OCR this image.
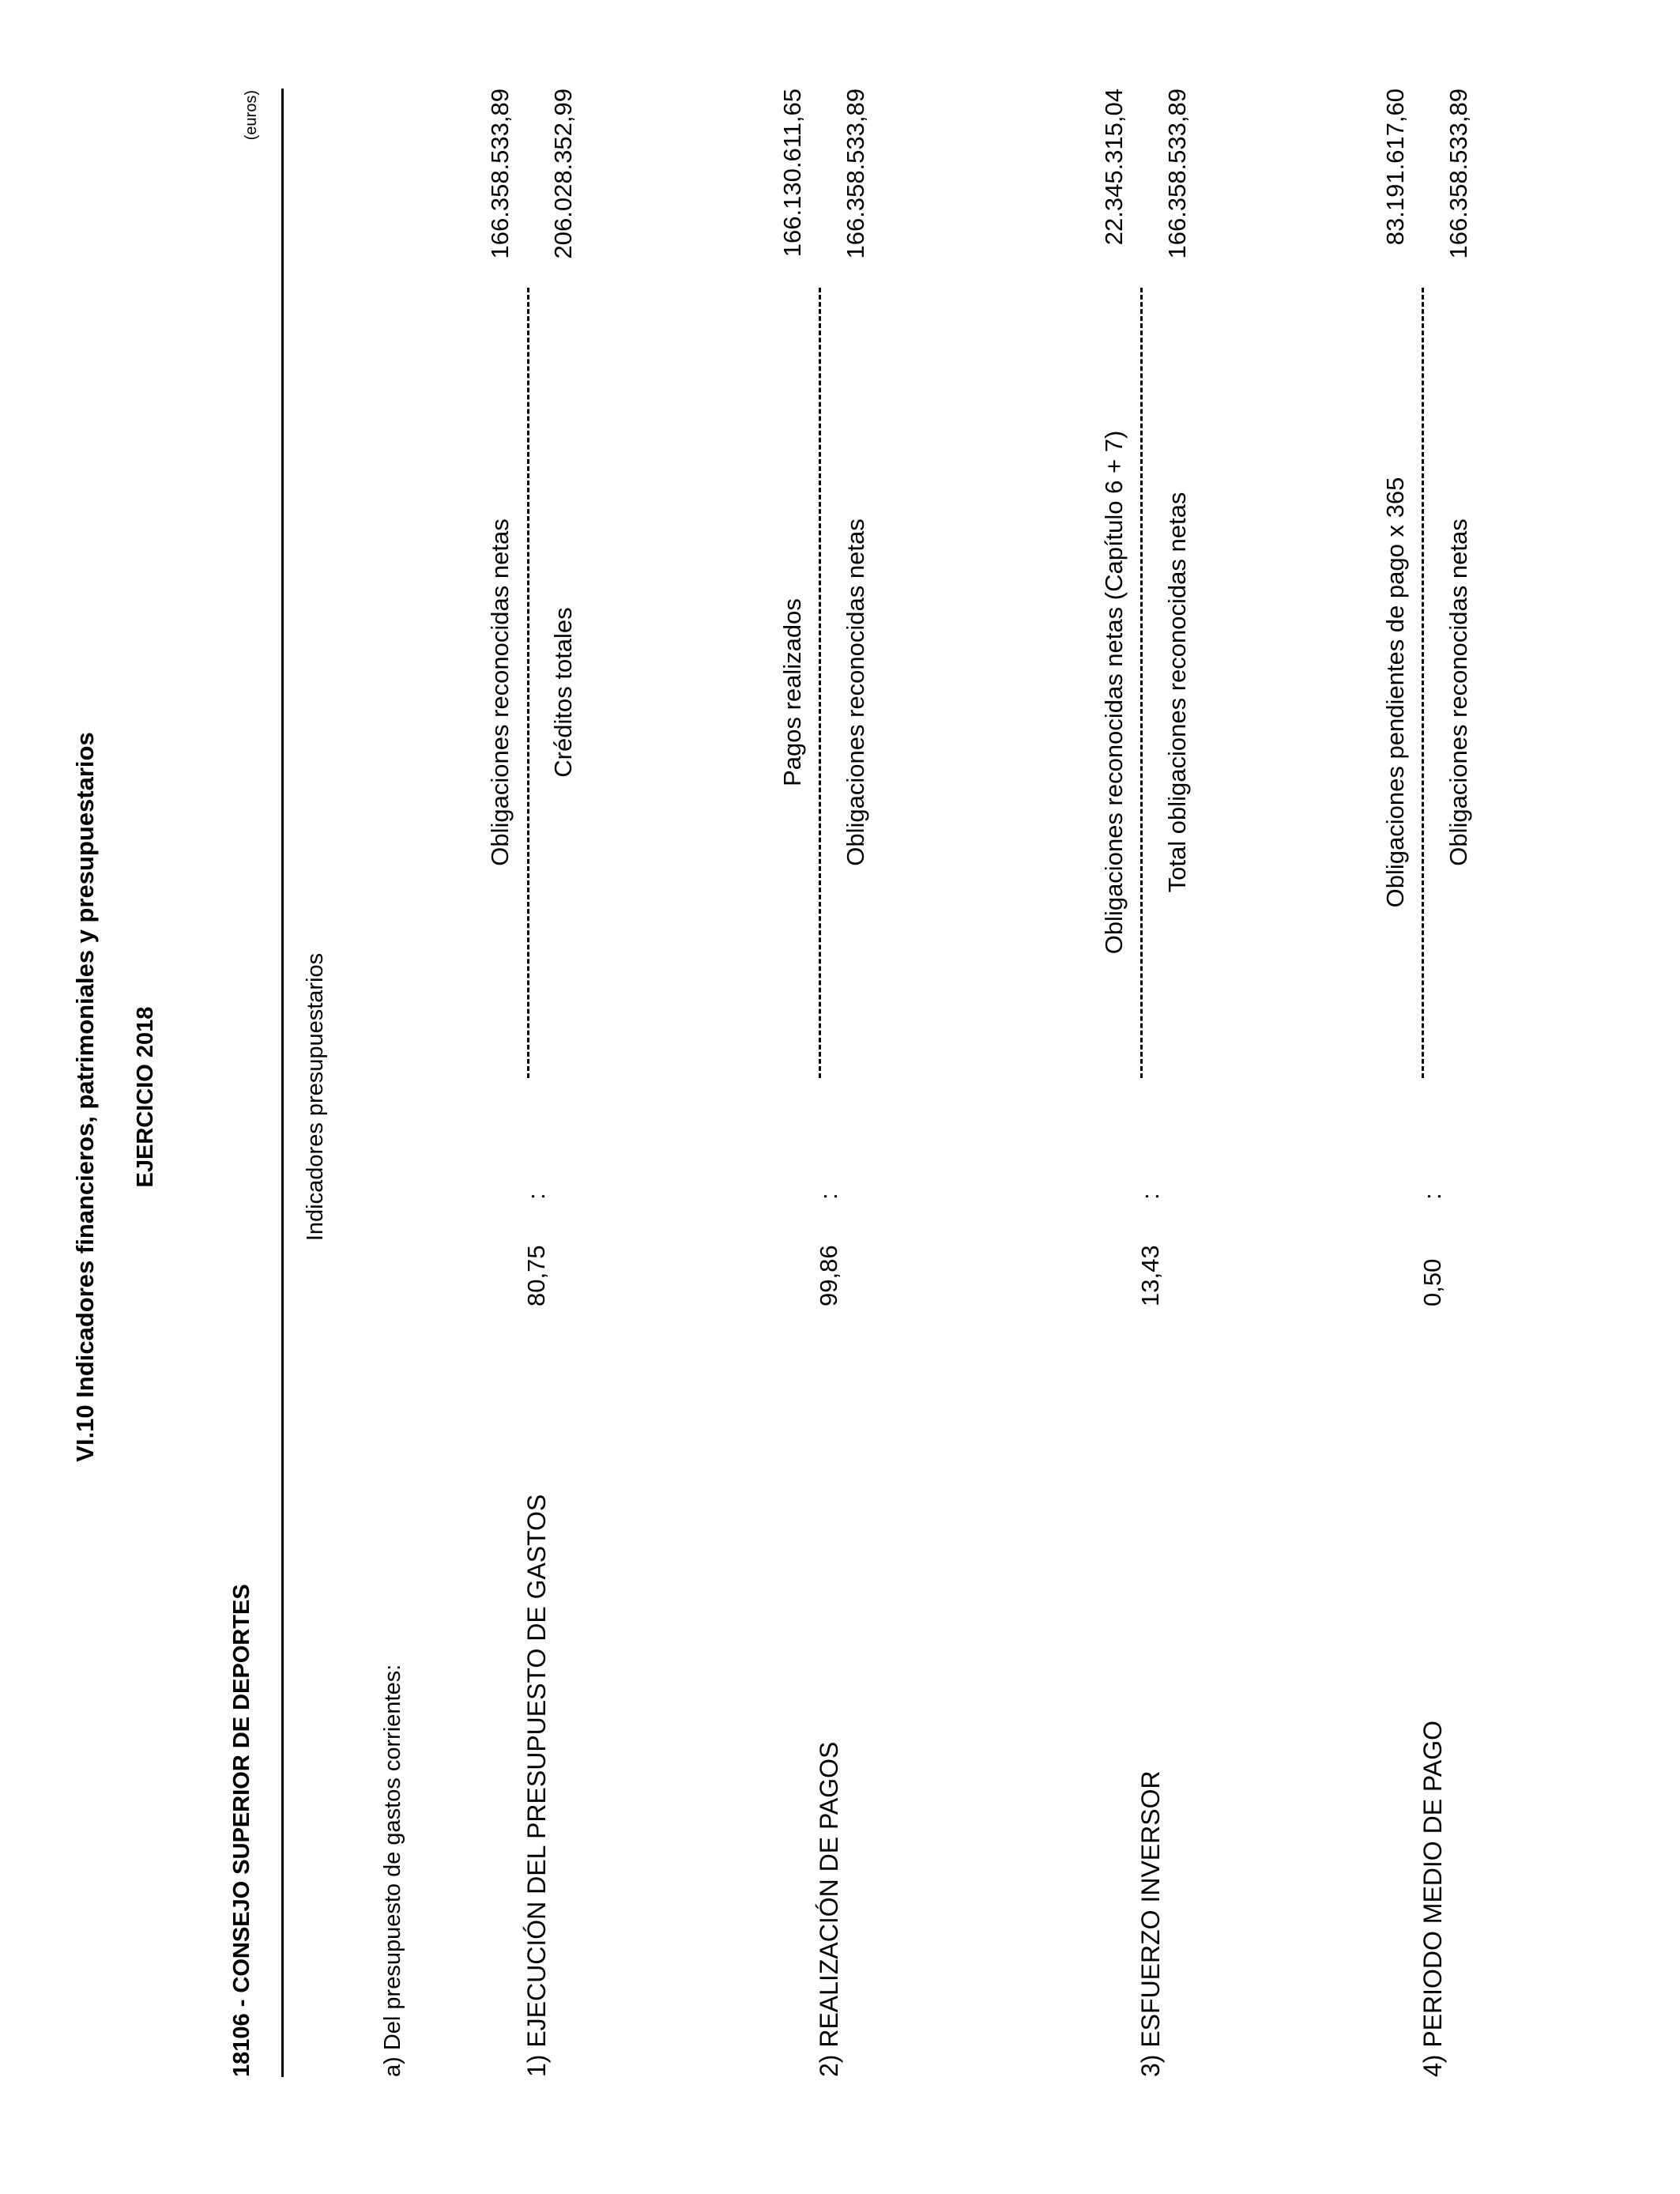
VI.10 Indicadores financieros, patrimoniales y presupuestarios EJERCICIO 2018
18106 - CONSEJO SUPERIOR DE DEPORTES
(euros)
Indicadores presupuestarios
a) Del presupuesto de gastos corrientes:	1) EJECUCIÓN DEL PRESUPUESTO DE GASTOS
80,75
:
Obligaciones reconocidas netas Créditos totales
166.358.533,89 206.028.352,99
2) REALIZACIÓN DE PAGOS
99,86
:
Pagos realizados Obligaciones reconocidas netas
166.130.611,65 166.358.533,89
3) ESFUERZO INVERSOR
13,43
:
Obligaciones reconocidas netas (Capítulo 6 + 7) Total obligaciones reconocidas netas
22.345.315,04 166.358.533,89
4) PERIODO MEDIO DE PAGO
0,50
:
Obligaciones pendientes de pago x 365 Obligaciones reconocidas netas
83.191.617,60 166.358.533,89
